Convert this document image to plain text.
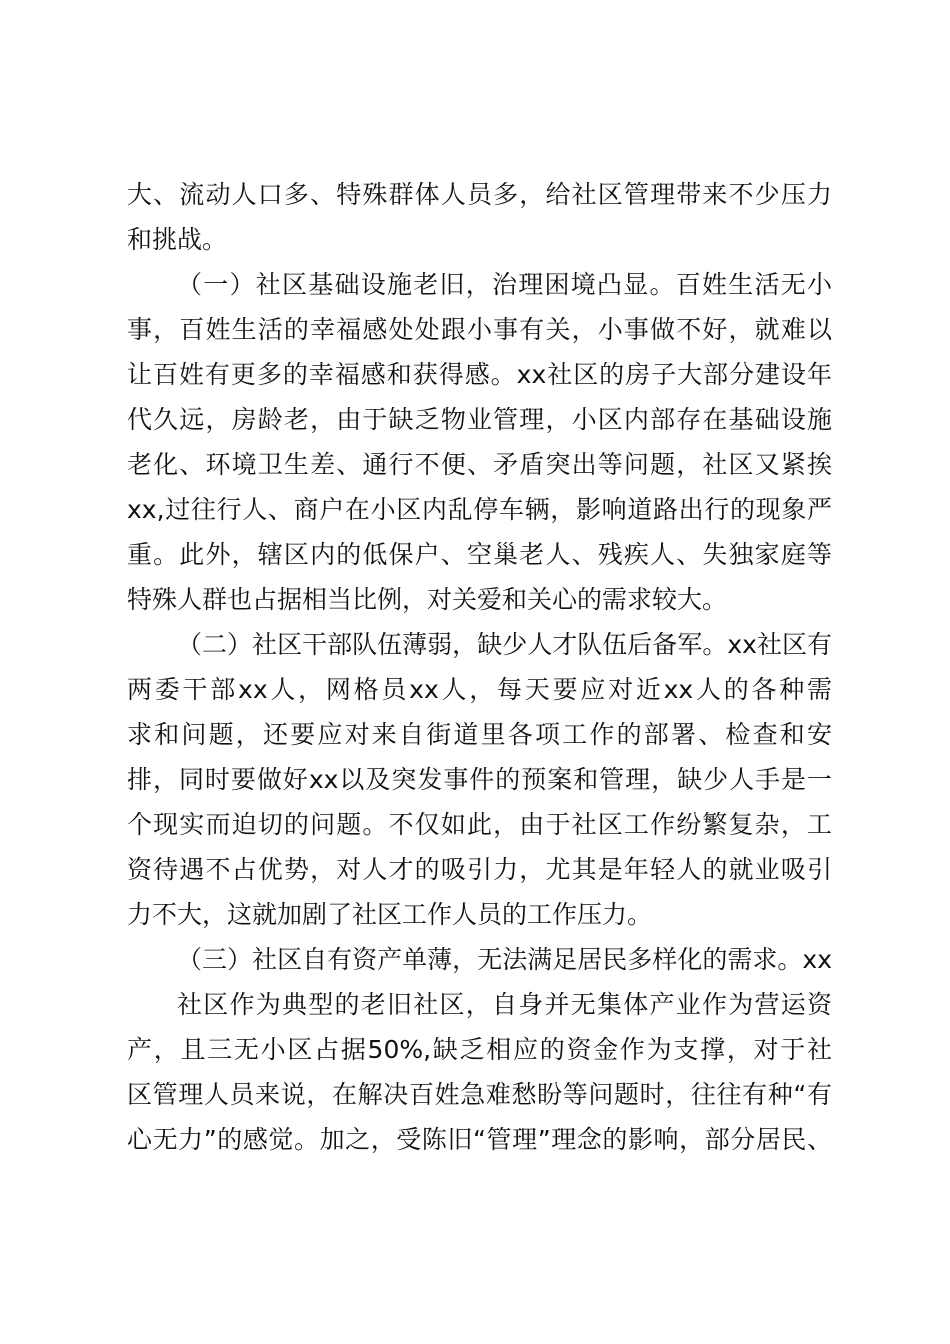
大、流动人口多、特殊群体人员多，给社区管理带来不少压力
和挑战。
（一）社区基础设施老旧，治理困境凸显。百姓生活无小
事，百姓生活的幸福感处处跟小事有关，小事做不好，就难以
让百姓有更多的幸福感和获得感。xx社区的房子大部分建设年
代久远，房龄老，由于缺乏物业管理，小区内部存在基础设施
老化、环境卫生差、通行不便、矛盾突出等问题，社区又紧挨
xx,过往行人、商户在小区内乱停车辆，影响道路出行的现象严
重。此外，辖区内的低保户、空巢老人、残疾人、失独家庭等
特殊人群也占据相当比例，对关爱和关心的需求较大。
（二）社区干部队伍薄弱，缺少人才队伍后备军。xx社区有
两委干部xx人，网格员xx人，每天要应对近xx人的各种需
求和问题，还要应对来自街道里各项工作的部署、检查和安
排，同时要做好xx以及突发事件的预案和管理，缺少人手是一
个现实而迫切的问题。不仅如此，由于社区工作纷繁复杂，工
资待遇不占优势，对人才的吸引力，尤其是年轻人的就业吸引
力不大，这就加剧了社区工作人员的工作压力。
（三）社区自有资产单薄，无法满足居民多样化的需求。xx
社区作为典型的老旧社区，自身并无集体产业作为营运资
产，且三无小区占据50%,缺乏相应的资金作为支撑，对于社
区管理人员来说，在解决百姓急难愁盼等问题时，往往有种“有
心无力”的感觉。加之，受陈旧“管理”理念的影响，部分居民、
